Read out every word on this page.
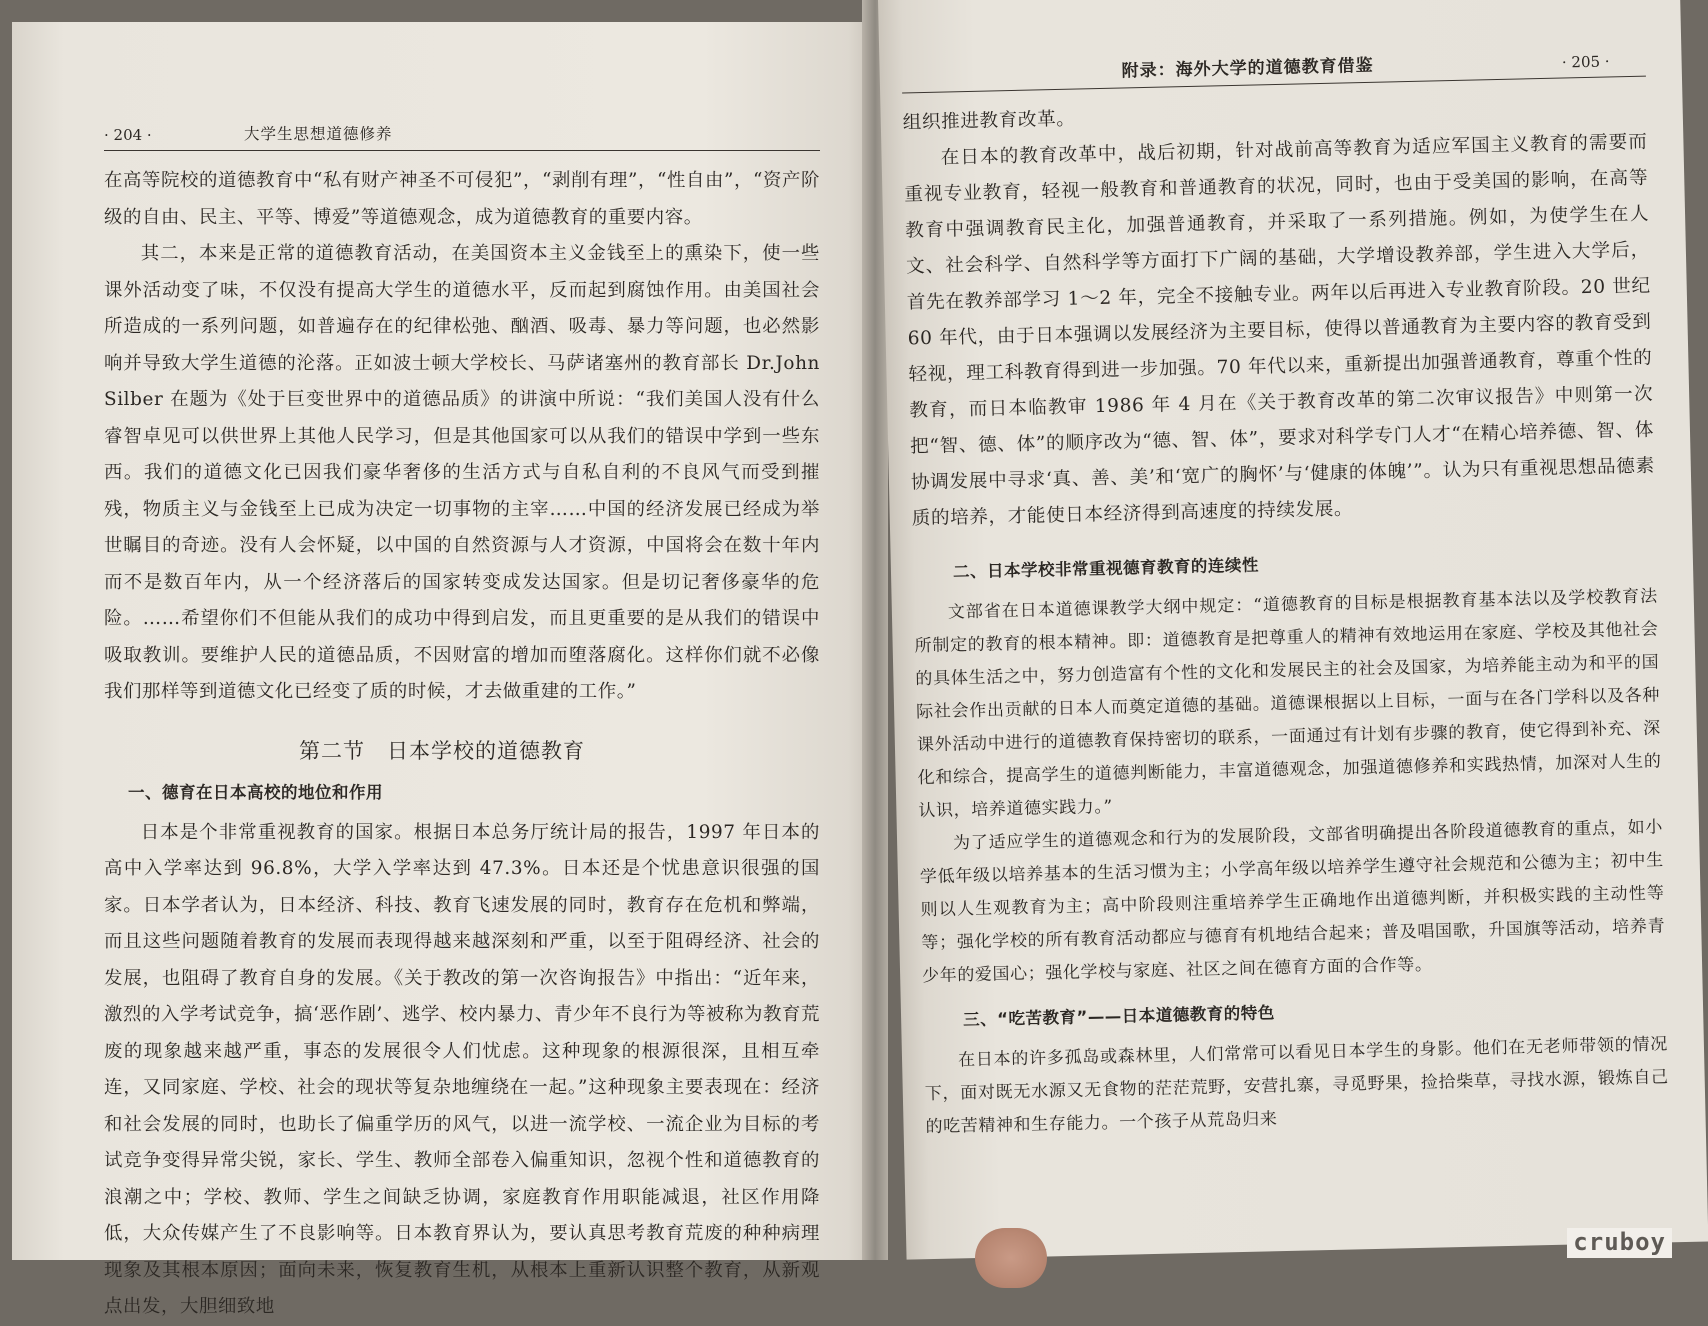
· 204 ·	大学生思想道德修养

在高等院校的道德教育中“私有财产神圣不可侵犯”，“剥削有理”，“性自由”，“资产阶级的自由、民主、平等、博爱”等道德观念，成为道德教育的重要内容。

其二，本来是正常的道德教育活动，在美国资本主义金钱至上的熏染下，使一些课外活动变了味，不仅没有提高大学生的道德水平，反而起到腐蚀作用。由美国社会所造成的一系列问题，如普遍存在的纪律松弛、酗酒、吸毒、暴力等问题，也必然影响并导致大学生道德的沦落。正如波士顿大学校长、马萨诸塞州的教育部长 Dr.John Silber 在题为《处于巨变世界中的道德品质》的讲演中所说：“我们美国人没有什么睿智卓见可以供世界上其他人民学习，但是其他国家可以从我们的错误中学到一些东西。我们的道德文化已因我们豪华奢侈的生活方式与自私自利的不良风气而受到摧残，物质主义与金钱至上已成为决定一切事物的主宰……中国的经济发展已经成为举世瞩目的奇迹。没有人会怀疑，以中国的自然资源与人才资源，中国将会在数十年内而不是数百年内，从一个经济落后的国家转变成发达国家。但是切记奢侈豪华的危险。……希望你们不但能从我们的成功中得到启发，而且更重要的是从我们的错误中吸取教训。要维护人民的道德品质，不因财富的增加而堕落腐化。这样你们就不必像我们那样等到道德文化已经变了质的时候，才去做重建的工作。”

第二节　日本学校的道德教育
一、德育在日本高校的地位和作用

日本是个非常重视教育的国家。根据日本总务厅统计局的报告，1997 年日本的高中入学率达到 96.8%，大学入学率达到 47.3%。日本还是个忧患意识很强的国家。日本学者认为，日本经济、科技、教育飞速发展的同时，教育存在危机和弊端，而且这些问题随着教育的发展而表现得越来越深刻和严重，以至于阻碍经济、社会的发展，也阻碍了教育自身的发展。《关于教改的第一次咨询报告》中指出：“近年来，激烈的入学考试竞争，搞‘恶作剧’、逃学、校内暴力、青少年不良行为等被称为教育荒废的现象越来越严重，事态的发展很令人们忧虑。这种现象的根源很深，且相互牵连，又同家庭、学校、社会的现状等复杂地缠绕在一起。”这种现象主要表现在：经济和社会发展的同时，也助长了偏重学历的风气，以进一流学校、一流企业为目标的考试竞争变得异常尖锐，家长、学生、教师全部卷入偏重知识，忽视个性和道德教育的浪潮之中；学校、教师、学生之间缺乏协调，家庭教育作用职能减退，社区作用降低，大众传媒产生了不良影响等。日本教育界认为，要认真思考教育荒废的种种病理现象及其根本原因；面向未来，恢复教育生机，从根本上重新认识整个教育，从新观点出发，大胆细致地

附录：海外大学的道德教育借鉴	· 205 ·

组织推进教育改革。

在日本的教育改革中，战后初期，针对战前高等教育为适应军国主义教育的需要而重视专业教育，轻视一般教育和普通教育的状况，同时，也由于受美国的影响，在高等教育中强调教育民主化，加强普通教育，并采取了一系列措施。例如，为使学生在人文、社会科学、自然科学等方面打下广阔的基础，大学增设教养部，学生进入大学后，首先在教养部学习 1～2 年，完全不接触专业。两年以后再进入专业教育阶段。20 世纪 60 年代，由于日本强调以发展经济为主要目标，使得以普通教育为主要内容的教育受到轻视，理工科教育得到进一步加强。70 年代以来，重新提出加强普通教育，尊重个性的教育，而日本临教审 1986 年 4 月在《关于教育改革的第二次审议报告》中则第一次把“智、德、体”的顺序改为“德、智、体”，要求对科学专门人才“在精心培养德、智、体协调发展中寻求‘真、善、美’和‘宽广的胸怀’与‘健康的体魄’”。认为只有重视思想品德素质的培养，才能使日本经济得到高速度的持续发展。

二、日本学校非常重视德育教育的连续性

文部省在日本道德课教学大纲中规定：“道德教育的目标是根据教育基本法以及学校教育法所制定的教育的根本精神。即：道德教育是把尊重人的精神有效地运用在家庭、学校及其他社会的具体生活之中，努力创造富有个性的文化和发展民主的社会及国家，为培养能主动为和平的国际社会作出贡献的日本人而奠定道德的基础。道德课根据以上目标，一面与在各门学科以及各种课外活动中进行的道德教育保持密切的联系，一面通过有计划有步骤的教育，使它得到补充、深化和综合，提高学生的道德判断能力，丰富道德观念，加强道德修养和实践热情，加深对人生的认识，培养道德实践力。”

为了适应学生的道德观念和行为的发展阶段，文部省明确提出各阶段道德教育的重点，如小学低年级以培养基本的生活习惯为主；小学高年级以培养学生遵守社会规范和公德为主；初中生则以人生观教育为主；高中阶段则注重培养学生正确地作出道德判断，并积极实践的主动性等等；强化学校的所有教育活动都应与德育有机地结合起来；普及唱国歌，升国旗等活动，培养青少年的爱国心；强化学校与家庭、社区之间在德育方面的合作等。

三、“吃苦教育”——日本道德教育的特色

在日本的许多孤岛或森林里，人们常常可以看见日本学生的身影。他们在无老师带领的情况下，面对既无水源又无食物的茫茫荒野，安营扎寨，寻觅野果，捡拾柴草，寻找水源，锻炼自己的吃苦精神和生存能力。一个孩子从荒岛归来

cruboy
